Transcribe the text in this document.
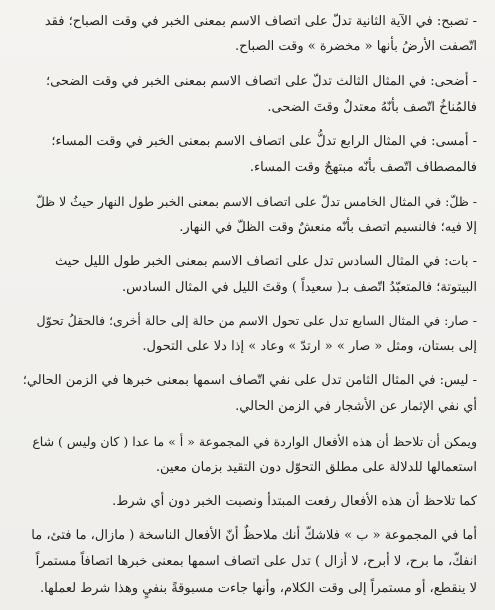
- تصبح: في الآية الثانية تدلّ على اتصاف الاسم بمعنى الخبر في وقت الصباح؛ فقد
اتّصفت الأرضُ بأنها « مخضرة » وقت الصباح.
- أضحى: في المثال الثالث تدلّ على اتصاف الاسم بمعنى الخبر في وقت الضحى؛
فالمُناخُ اتّصف بأنّهُ معتدلٌ وقتَ الضحى.
- أمسى: في المثال الرابع تدلُّ على اتصاف الاسم بمعنى الخبر في وقت المساء؛
فالمصطاف اتّصف بأنّه مبتهجٌ وقت المساء.
- ظلّ: في المثال الخامس تدلّ على اتصاف الاسم بمعنى الخبر طول النهار حيثُ لا ظلّ
إلا فيه؛ فالنسيم اتصف بأنّه منعشٌ وقت الظلّ في النهار.
- بات: في المثال السادس تدل على اتصاف الاسم بمعنى الخبر طول الليل حيث
البيتوتة؛ فالمتعبّدُ اتّصف بـ( سعيداً ) وقتَ الليل في المثال السادس.
- صار: في المثال السابع تدل على تحول الاسم من حالة إلى حالة أخرى؛ فالحقلُ تحوّل
إلى بستان، ومثل « صار » « ارتدّ » وعاد » إذا دلا على التحول.
- ليس: في المثال الثامن تدل على نفي اتّصاف اسمها بمعنى خبرها في الزمن الحالي؛
أي نفي الإثمار عن الأشجار في الزمن الحالي.
ويمكن أن تلاحظ أن هذه الأفعال الواردة في المجموعة « أ » ما عدا ( كان وليس ) شاع
استعمالها للدلالة على مطلق التحوّل دون التقيد بزمان معين.
كما تلاحظ أن هذه الأفعال رفعت المبتدأ ونصبت الخبر دون أي شرط.
أما في المجموعة « ب » فلاشكّ أنك ملاحظٌ أنّ الأفعال الناسخة ( مازال، ما فتئ، ما
انفكّ، ما برح، لا أبرح، لا أزال ) تدل على اتصاف اسمها بمعنى خبرها اتصافاً مستمراً
لا ينقطع، أو مستمراً إلى وقت الكلام، وأنها جاءت مسبوقةً بنفيٍ وهذا شرط لعملها.
